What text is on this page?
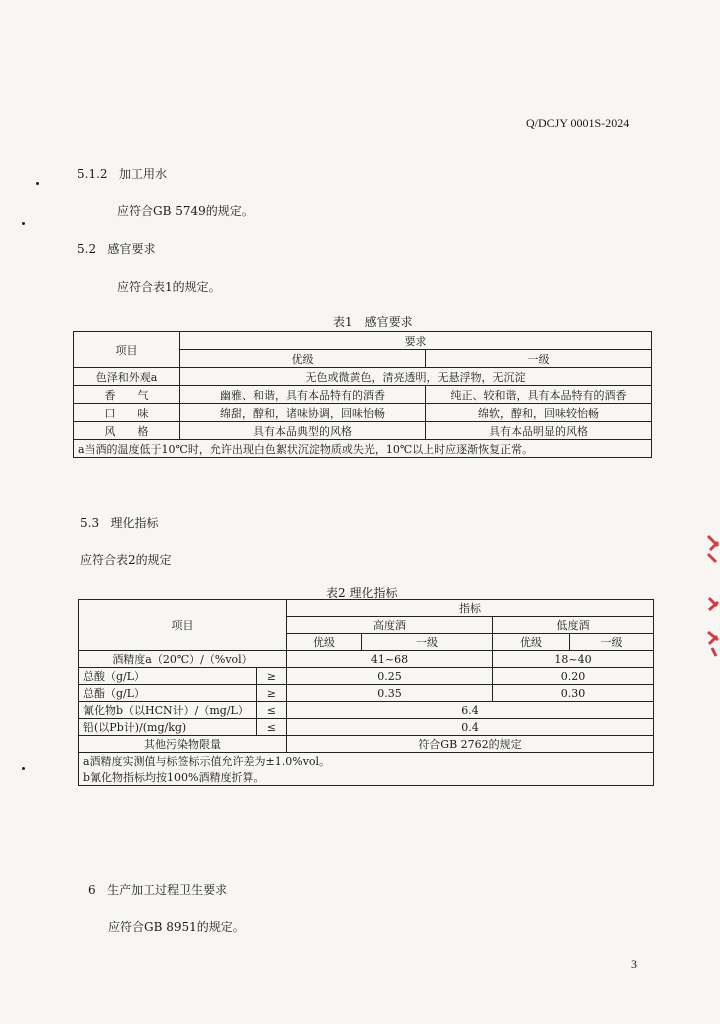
Q/DCJY 0001S-2024
5.1.2 加工用水
应符合GB 5749的规定。
5.2 感官要求
应符合表1的规定。
表1　感官要求
项目	要求	
	优级	一级
色泽和外观a	无色或微黄色，清亮透明，无悬浮物，无沉淀	
香　　气	幽雅、和谐，具有本品特有的酒香	纯正、较和谐，具有本品特有的酒香
口　　味	绵甜，醇和，诸味协调，回味怡畅	绵软，醇和，回味较怡畅
风　　格	具有本品典型的风格	具有本品明显的风格
a当酒的温度低于10℃时，允许出现白色絮状沉淀物质或失光，10℃以上时应逐渐恢复正常。		
5.3 理化指标
应符合表2的规定
表2 理化指标
项目		指标			
		高度酒		低度酒	
		优级	一级	优级	一级
酒精度a（20℃）/（%vol）		41~68		18~40	
总酸（g/L）	≥	0.25		0.20	
总酯（g/L）	≥	0.35		0.30	
氰化物b（以HCN计）/（mg/L）	≤	6.4			
铅(以Pb计)/(mg/kg)	≤	0.4			
其他污染物限量		符合GB 2762的规定			
a酒精度实测值与标签标示值允许差为±1.0%vol。					
b氰化物指标均按100%酒精度折算。					
6 生产加工过程卫生要求
应符合GB 8951的规定。
3
